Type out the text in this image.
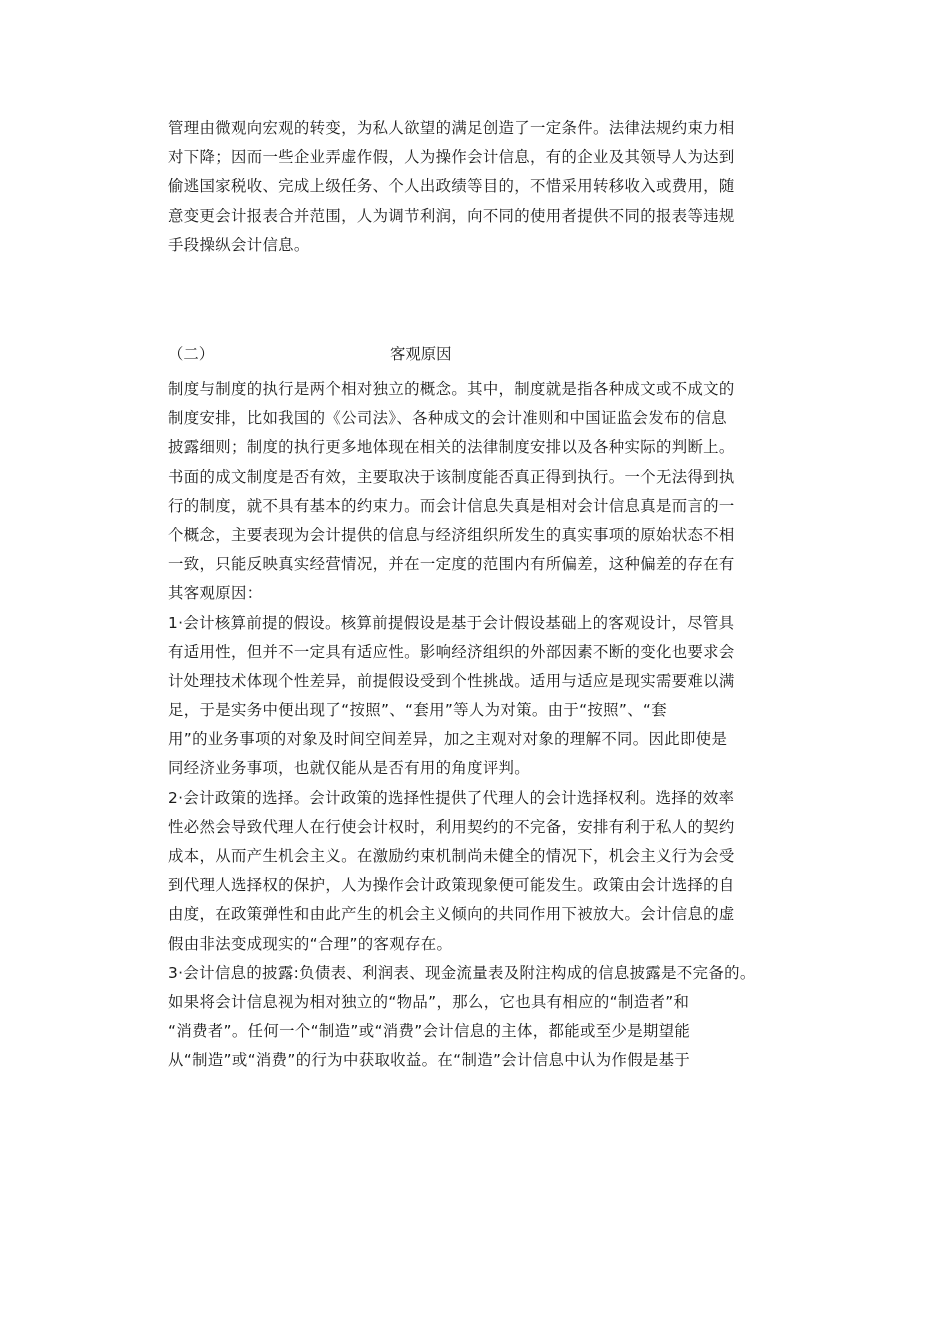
管理由微观向宏观的转变，为私人欲望的满足创造了一定条件。法律法规约束力相
对下降；因而一些企业弄虚作假，人为操作会计信息，有的企业及其领导人为达到
偷逃国家税收、完成上级任务、个人出政绩等目的，不惜采用转移收入或费用，随
意变更会计报表合并范围，人为调节利润，向不同的使用者提供不同的报表等违规
手段操纵会计信息。
（二）	客观原因
制度与制度的执行是两个相对独立的概念。其中，制度就是指各种成文或不成文的
制度安排，比如我国的《公司法》、各种成文的会计准则和中国证监会发布的信息
披露细则；制度的执行更多地体现在相关的法律制度安排以及各种实际的判断上。
书面的成文制度是否有效，主要取决于该制度能否真正得到执行。一个无法得到执
行的制度，就不具有基本的约束力。而会计信息失真是相对会计信息真是而言的一
个概念，主要表现为会计提供的信息与经济组织所发生的真实事项的原始状态不相
一致，只能反映真实经营情况，并在一定度的范围内有所偏差，这种偏差的存在有
其客观原因：
1·会计核算前提的假设。核算前提假设是基于会计假设基础上的客观设计，尽管具
有适用性，但并不一定具有适应性。影响经济组织的外部因素不断的变化也要求会
计处理技术体现个性差异，前提假设受到个性挑战。适用与适应是现实需要难以满
足，于是实务中便出现了“按照”、“套用”等人为对策。由于“按照”、“套
用”的业务事项的对象及时间空间差异，加之主观对对象的理解不同。因此即使是
同经济业务事项，也就仅能从是否有用的角度评判。
2·会计政策的选择。会计政策的选择性提供了代理人的会计选择权利。选择的效率
性必然会导致代理人在行使会计权时，利用契约的不完备，安排有利于私人的契约
成本，从而产生机会主义。在激励约束机制尚未健全的情况下，机会主义行为会受
到代理人选择权的保护，人为操作会计政策现象便可能发生。政策由会计选择的自
由度，在政策弹性和由此产生的机会主义倾向的共同作用下被放大。会计信息的虚
假由非法变成现实的“合理”的客观存在。
3·会计信息的披露:负债表、利润表、现金流量表及附注构成的信息披露是不完备的。
如果将会计信息视为相对独立的“物品”，那么，它也具有相应的“制造者”和
“消费者”。任何一个“制造”或“消费”会计信息的主体，都能或至少是期望能
从“制造”或“消费”的行为中获取收益。在“制造”会计信息中认为作假是基于
